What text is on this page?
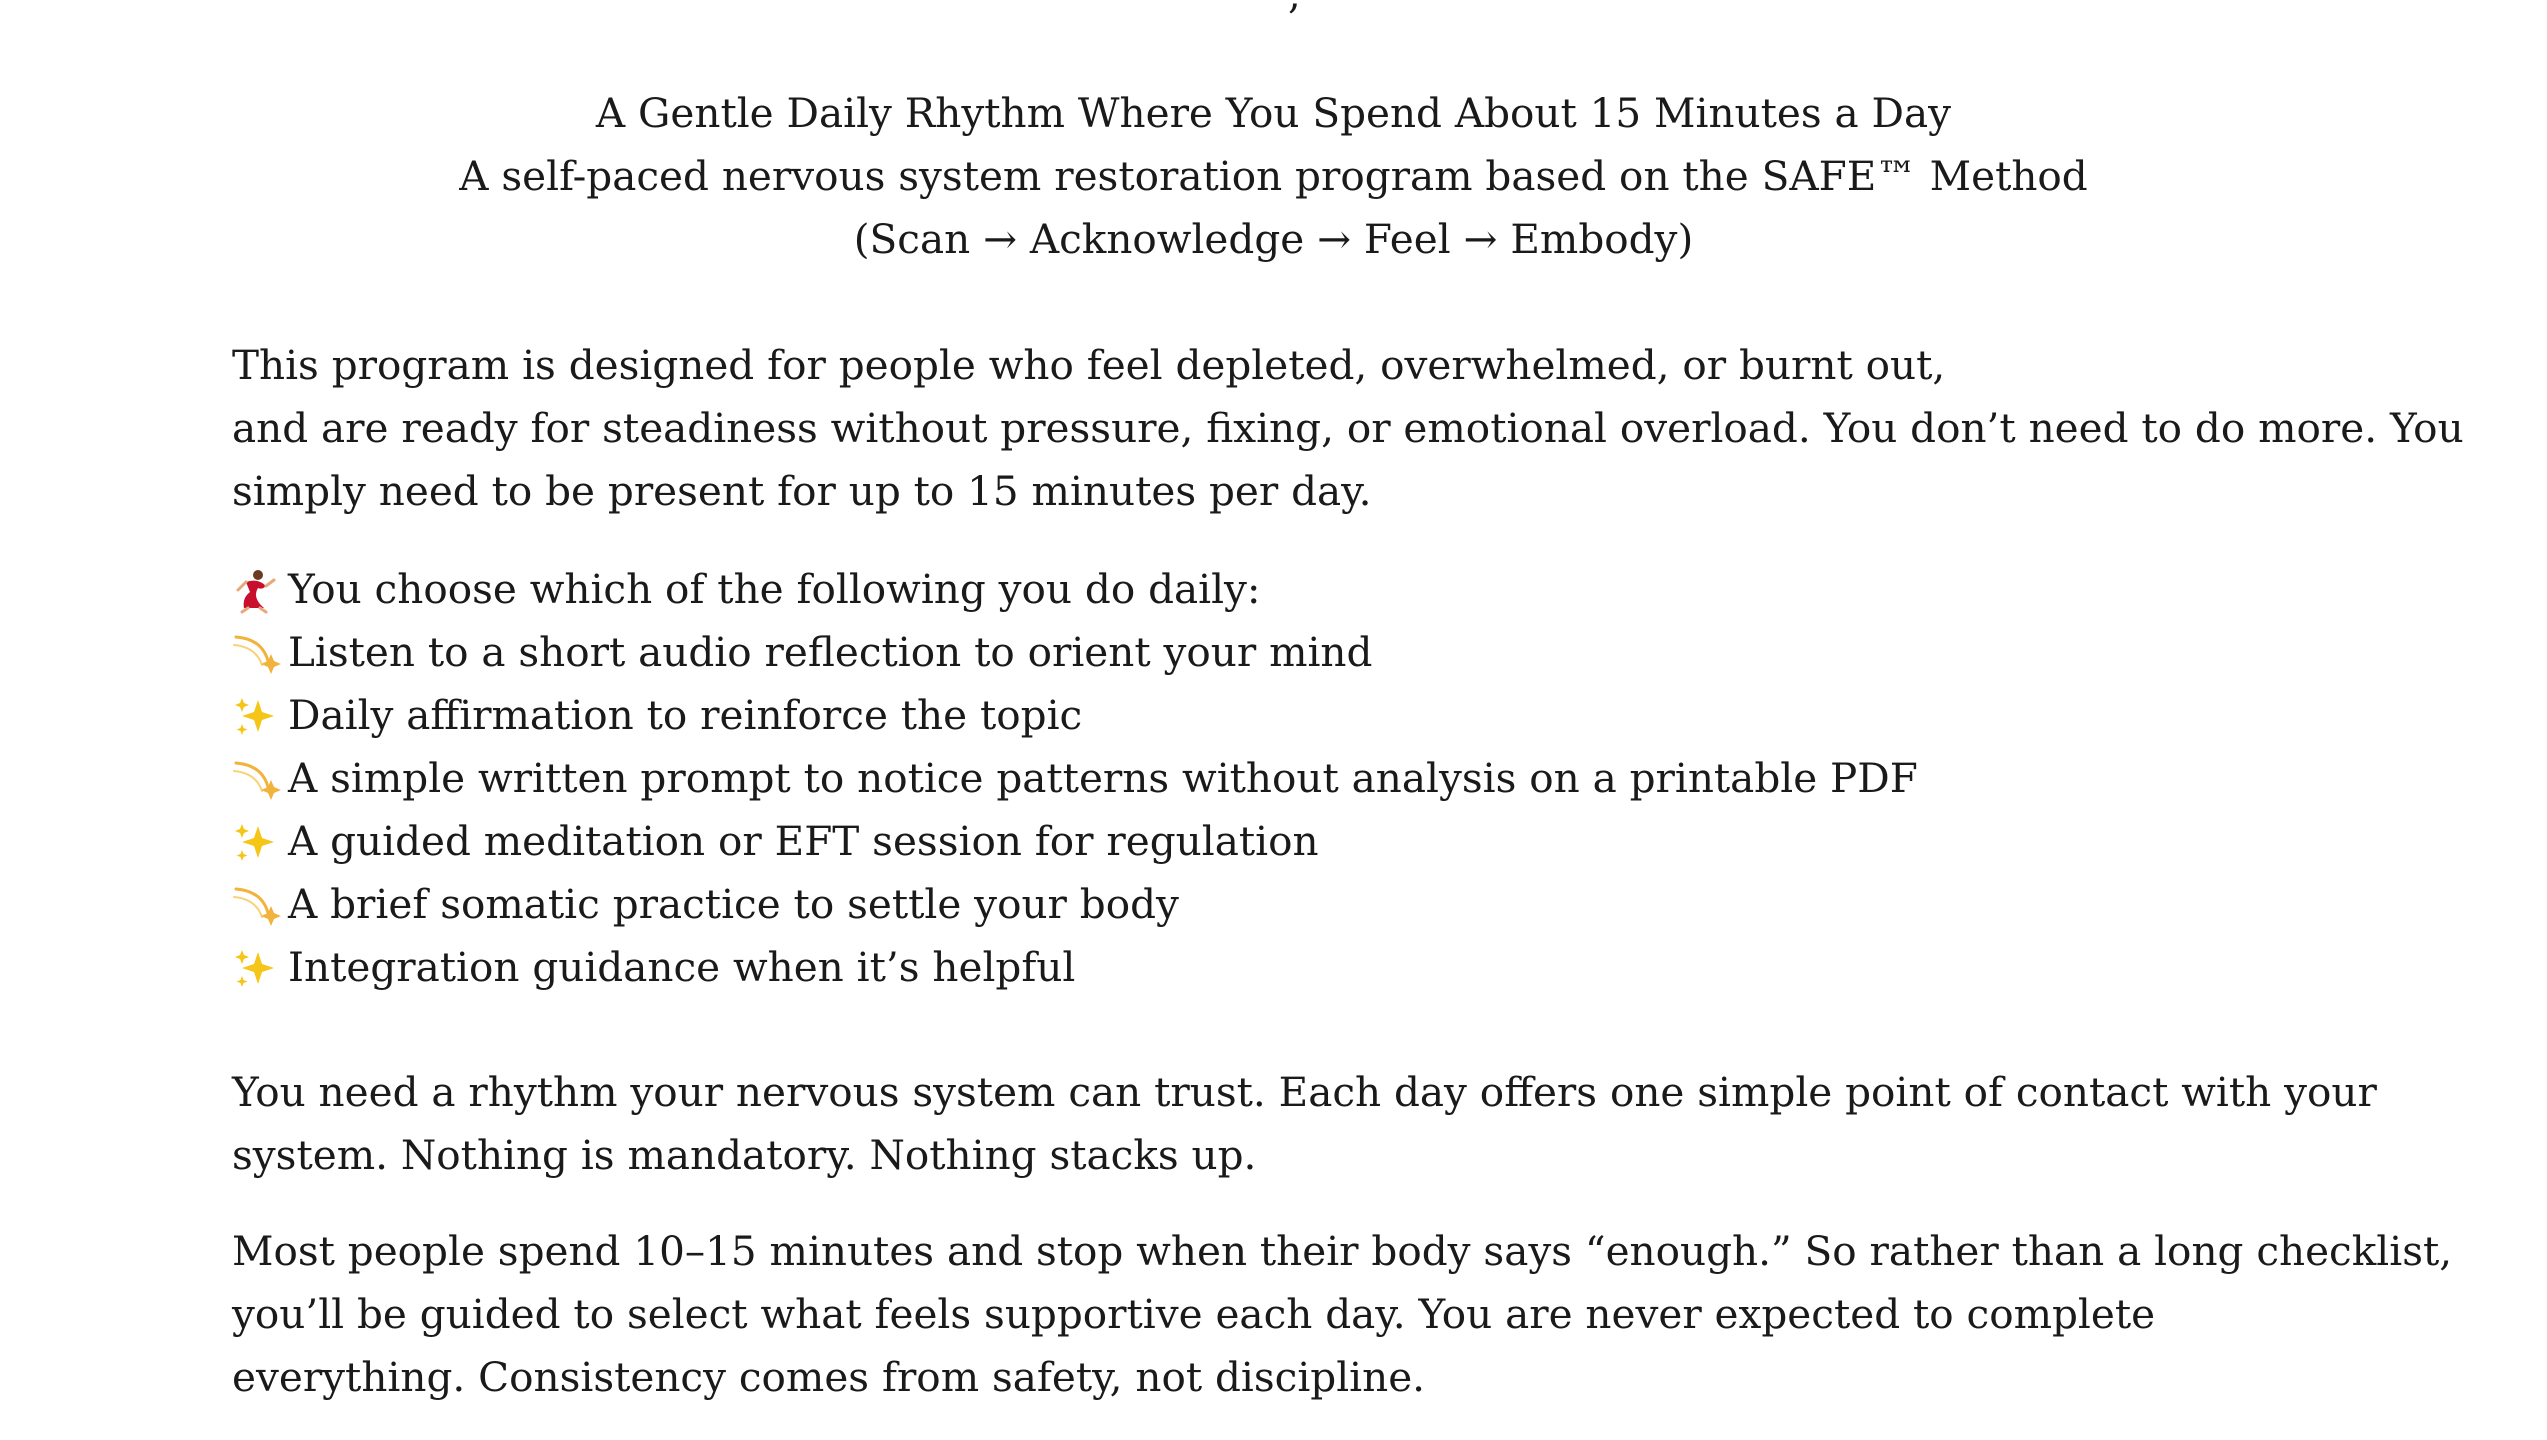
A Gentle Daily Rhythm Where You Spend About 15 Minutes a Day
A self-paced nervous system restoration program based on the SAFE™ Method
(Scan → Acknowledge → Feel → Embody)
This program is designed for people who feel depleted, overwhelmed, or burnt out,
and are ready for steadiness without pressure, fixing, or emotional overload. You don’t need to do more. You
simply need to be present for up to 15 minutes per day.
You choose which of the following you do daily:
Listen to a short audio reflection to orient your mind
Daily affirmation to reinforce the topic
A simple written prompt to notice patterns without analysis on a printable PDF
A guided meditation or EFT session for regulation
A brief somatic practice to settle your body
Integration guidance when it’s helpful
You need a rhythm your nervous system can trust. Each day offers one simple point of contact with your
system. Nothing is mandatory. Nothing stacks up.
Most people spend 10–15 minutes and stop when their body says “enough.” So rather than a long checklist,
you’ll be guided to select what feels supportive each day. You are never expected to complete
everything. Consistency comes from safety, not discipline.
